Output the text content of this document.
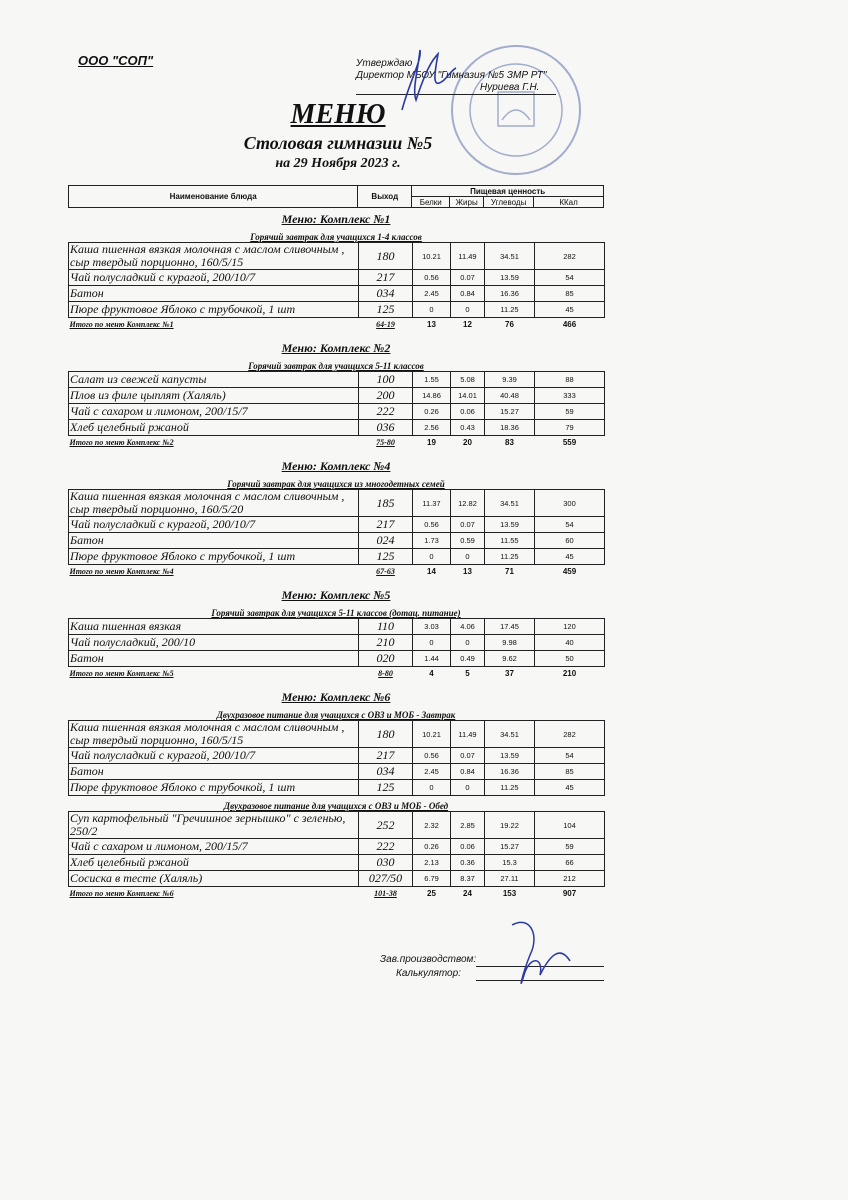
ООО "СОП"	Утверждаю
Директор МБОУ "Гимназия №5 ЗМР РТ"
Нуриева Г.Н.
МЕНЮ
Столовая гимназии №5
на 29 Ноября 2023 г.
Наименование блюда	Выход	Пищевая ценность			
		Белки	Жиры	Углеводы	ККал
Меню: Комплекс №1
Горячий завтрак для учащихся 1-4 классов
Каша пшенная вязкая молочная с маслом сливочным , сыр твердый порционно, 160/5/15	180	10.21	11.49	34.51	282
Чай полусладкий с курагой, 200/10/7	217	0.56	0.07	13.59	54
Батон	034	2.45	0.84	16.36	85
Пюре фруктовое Яблоко с трубочкой, 1 шт	125	0	0	11.25	45
Итого по меню Комплекс №1	64-19	13	12	76	466
Меню: Комплекс №2
Горячий завтрак для учащихся 5-11 классов
Салат из свежей капусты	100	1.55	5.08	9.39	88
Плов из филе цыплят (Халяль)	200	14.86	14.01	40.48	333
Чай с сахаром и лимоном, 200/15/7	222	0.26	0.06	15.27	59
Хлеб целебный ржаной	036	2.56	0.43	18.36	79
Итого по меню Комплекс №2	75-80	19	20	83	559
Меню: Комплекс №4
Горячий завтрак для учащихся из многодетных семей
Каша пшенная вязкая молочная с маслом сливочным , сыр твердый порционно, 160/5/20	185	11.37	12.82	34.51	300
Чай полусладкий с курагой, 200/10/7	217	0.56	0.07	13.59	54
Батон	024	1.73	0.59	11.55	60
Пюре фруктовое Яблоко с трубочкой, 1 шт	125	0	0	11.25	45
Итого по меню Комплекс №4	67-63	14	13	71	459
Меню: Комплекс №5
Горячий завтрак для учащихся 5-11 классов (дотац. питание)
Каша пшенная вязкая	110	3.03	4.06	17.45	120
Чай полусладкий, 200/10	210	0	0	9.98	40
Батон	020	1.44	0.49	9.62	50
Итого по меню Комплекс №5	8-80	4	5	37	210
Меню: Комплекс №6
Двухразовое питание для учащихся с ОВЗ и МОБ - Завтрак
Каша пшенная вязкая молочная с маслом сливочным , сыр твердый порционно, 160/5/15	180	10.21	11.49	34.51	282
Чай полусладкий с курагой, 200/10/7	217	0.56	0.07	13.59	54
Батон	034	2.45	0.84	16.36	85
Пюре фруктовое Яблоко с трубочкой, 1 шт	125	0	0	11.25	45
Двухразовое питание для учащихся с ОВЗ и МОБ - Обед
Суп картофельный "Гречишное зернышко" с зеленью, 250/2	252	2.32	2.85	19.22	104
Чай с сахаром и лимоном, 200/15/7	222	0.26	0.06	15.27	59
Хлеб целебный ржаной	030	2.13	0.36	15.3	66
Сосиска в тесте (Халяль)	027/50	6.79	8.37	27.11	212
Итого по меню Комплекс №6	101-38	25	24	153	907
Зав.производством:
Калькулятор:
